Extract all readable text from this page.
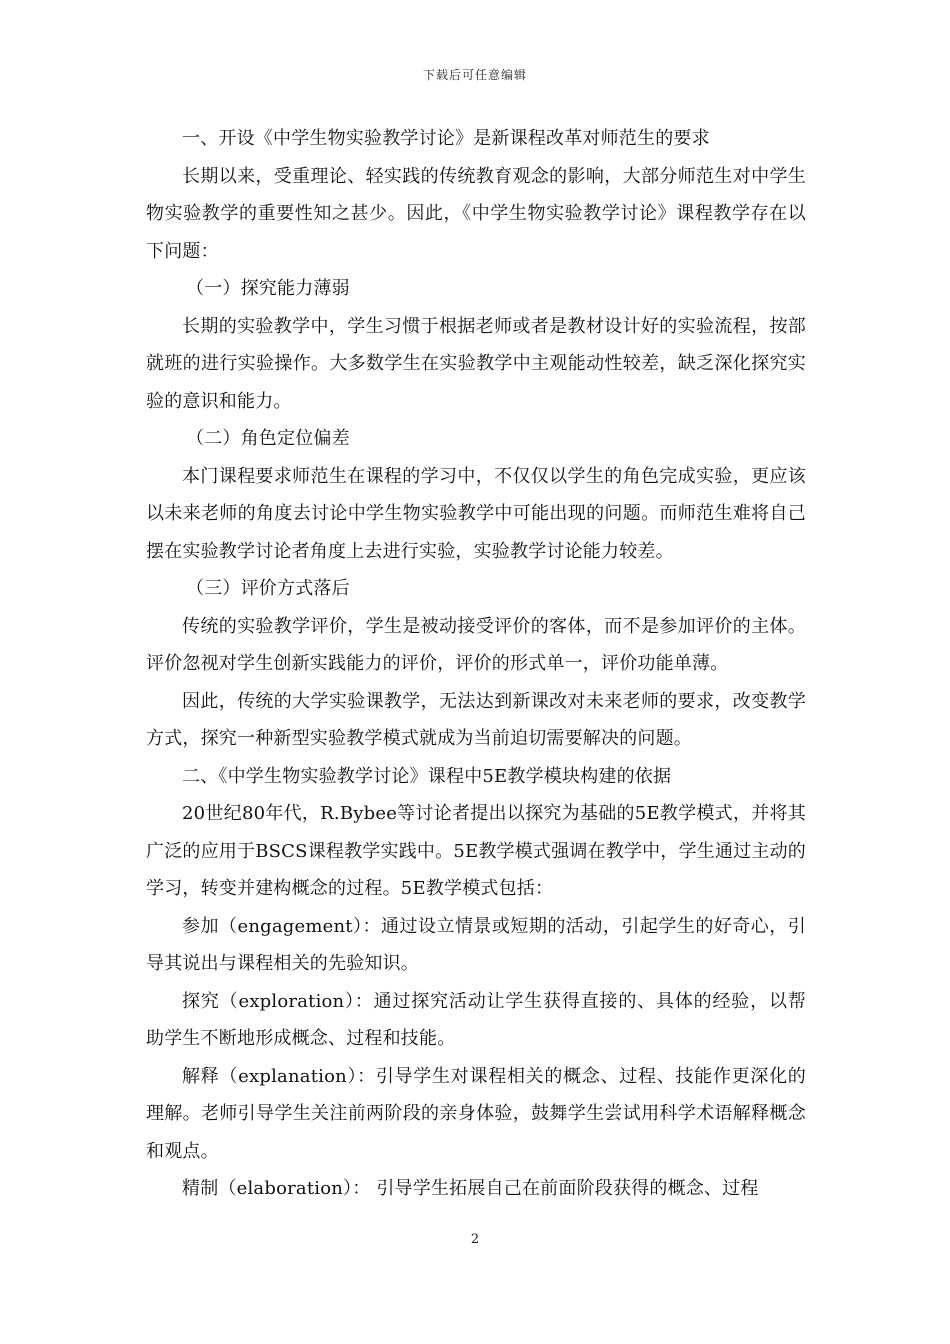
下载后可任意编辑

一、开设《中学生物实验教学讨论》是新课程改革对师范生的要求

长期以来，受重理论、轻实践的传统教育观念的影响，大部分师范生对中学生物实验教学的重要性知之甚少。因此，《中学生物实验教学讨论》课程教学存在以下问题：

（一）探究能力薄弱

长期的实验教学中，学生习惯于根据老师或者是教材设计好的实验流程，按部就班的进行实验操作。大多数学生在实验教学中主观能动性较差，缺乏深化探究实验的意识和能力。

（二）角色定位偏差

本门课程要求师范生在课程的学习中，不仅仅以学生的角色完成实验，更应该以未来老师的角度去讨论中学生物实验教学中可能出现的问题。而师范生难将自己摆在实验教学讨论者角度上去进行实验，实验教学讨论能力较差。

（三）评价方式落后

传统的实验教学评价，学生是被动接受评价的客体，而不是参加评价的主体。评价忽视对学生创新实践能力的评价，评价的形式单一，评价功能单薄。

因此，传统的大学实验课教学，无法达到新课改对未来老师的要求，改变教学方式，探究一种新型实验教学模式就成为当前迫切需要解决的问题。

二、《中学生物实验教学讨论》课程中5E教学模块构建的依据

20世纪80年代，R.Bybee等讨论者提出以探究为基础的5E教学模式，并将其广泛的应用于BSCS课程教学实践中。5E教学模式强调在教学中，学生通过主动的学习，转变并建构概念的过程。5E教学模式包括：

参加（engagement）：通过设立情景或短期的活动，引起学生的好奇心，引导其说出与课程相关的先验知识。

探究（exploration）：通过探究活动让学生获得直接的、具体的经验，以帮助学生不断地形成概念、过程和技能。

解释（explanation）：引导学生对课程相关的概念、过程、技能作更深化的理解。老师引导学生关注前两阶段的亲身体验，鼓舞学生尝试用科学术语解释概念和观点。

精制（elaboration）： 引导学生拓展自己在前面阶段获得的概念、过程

2
